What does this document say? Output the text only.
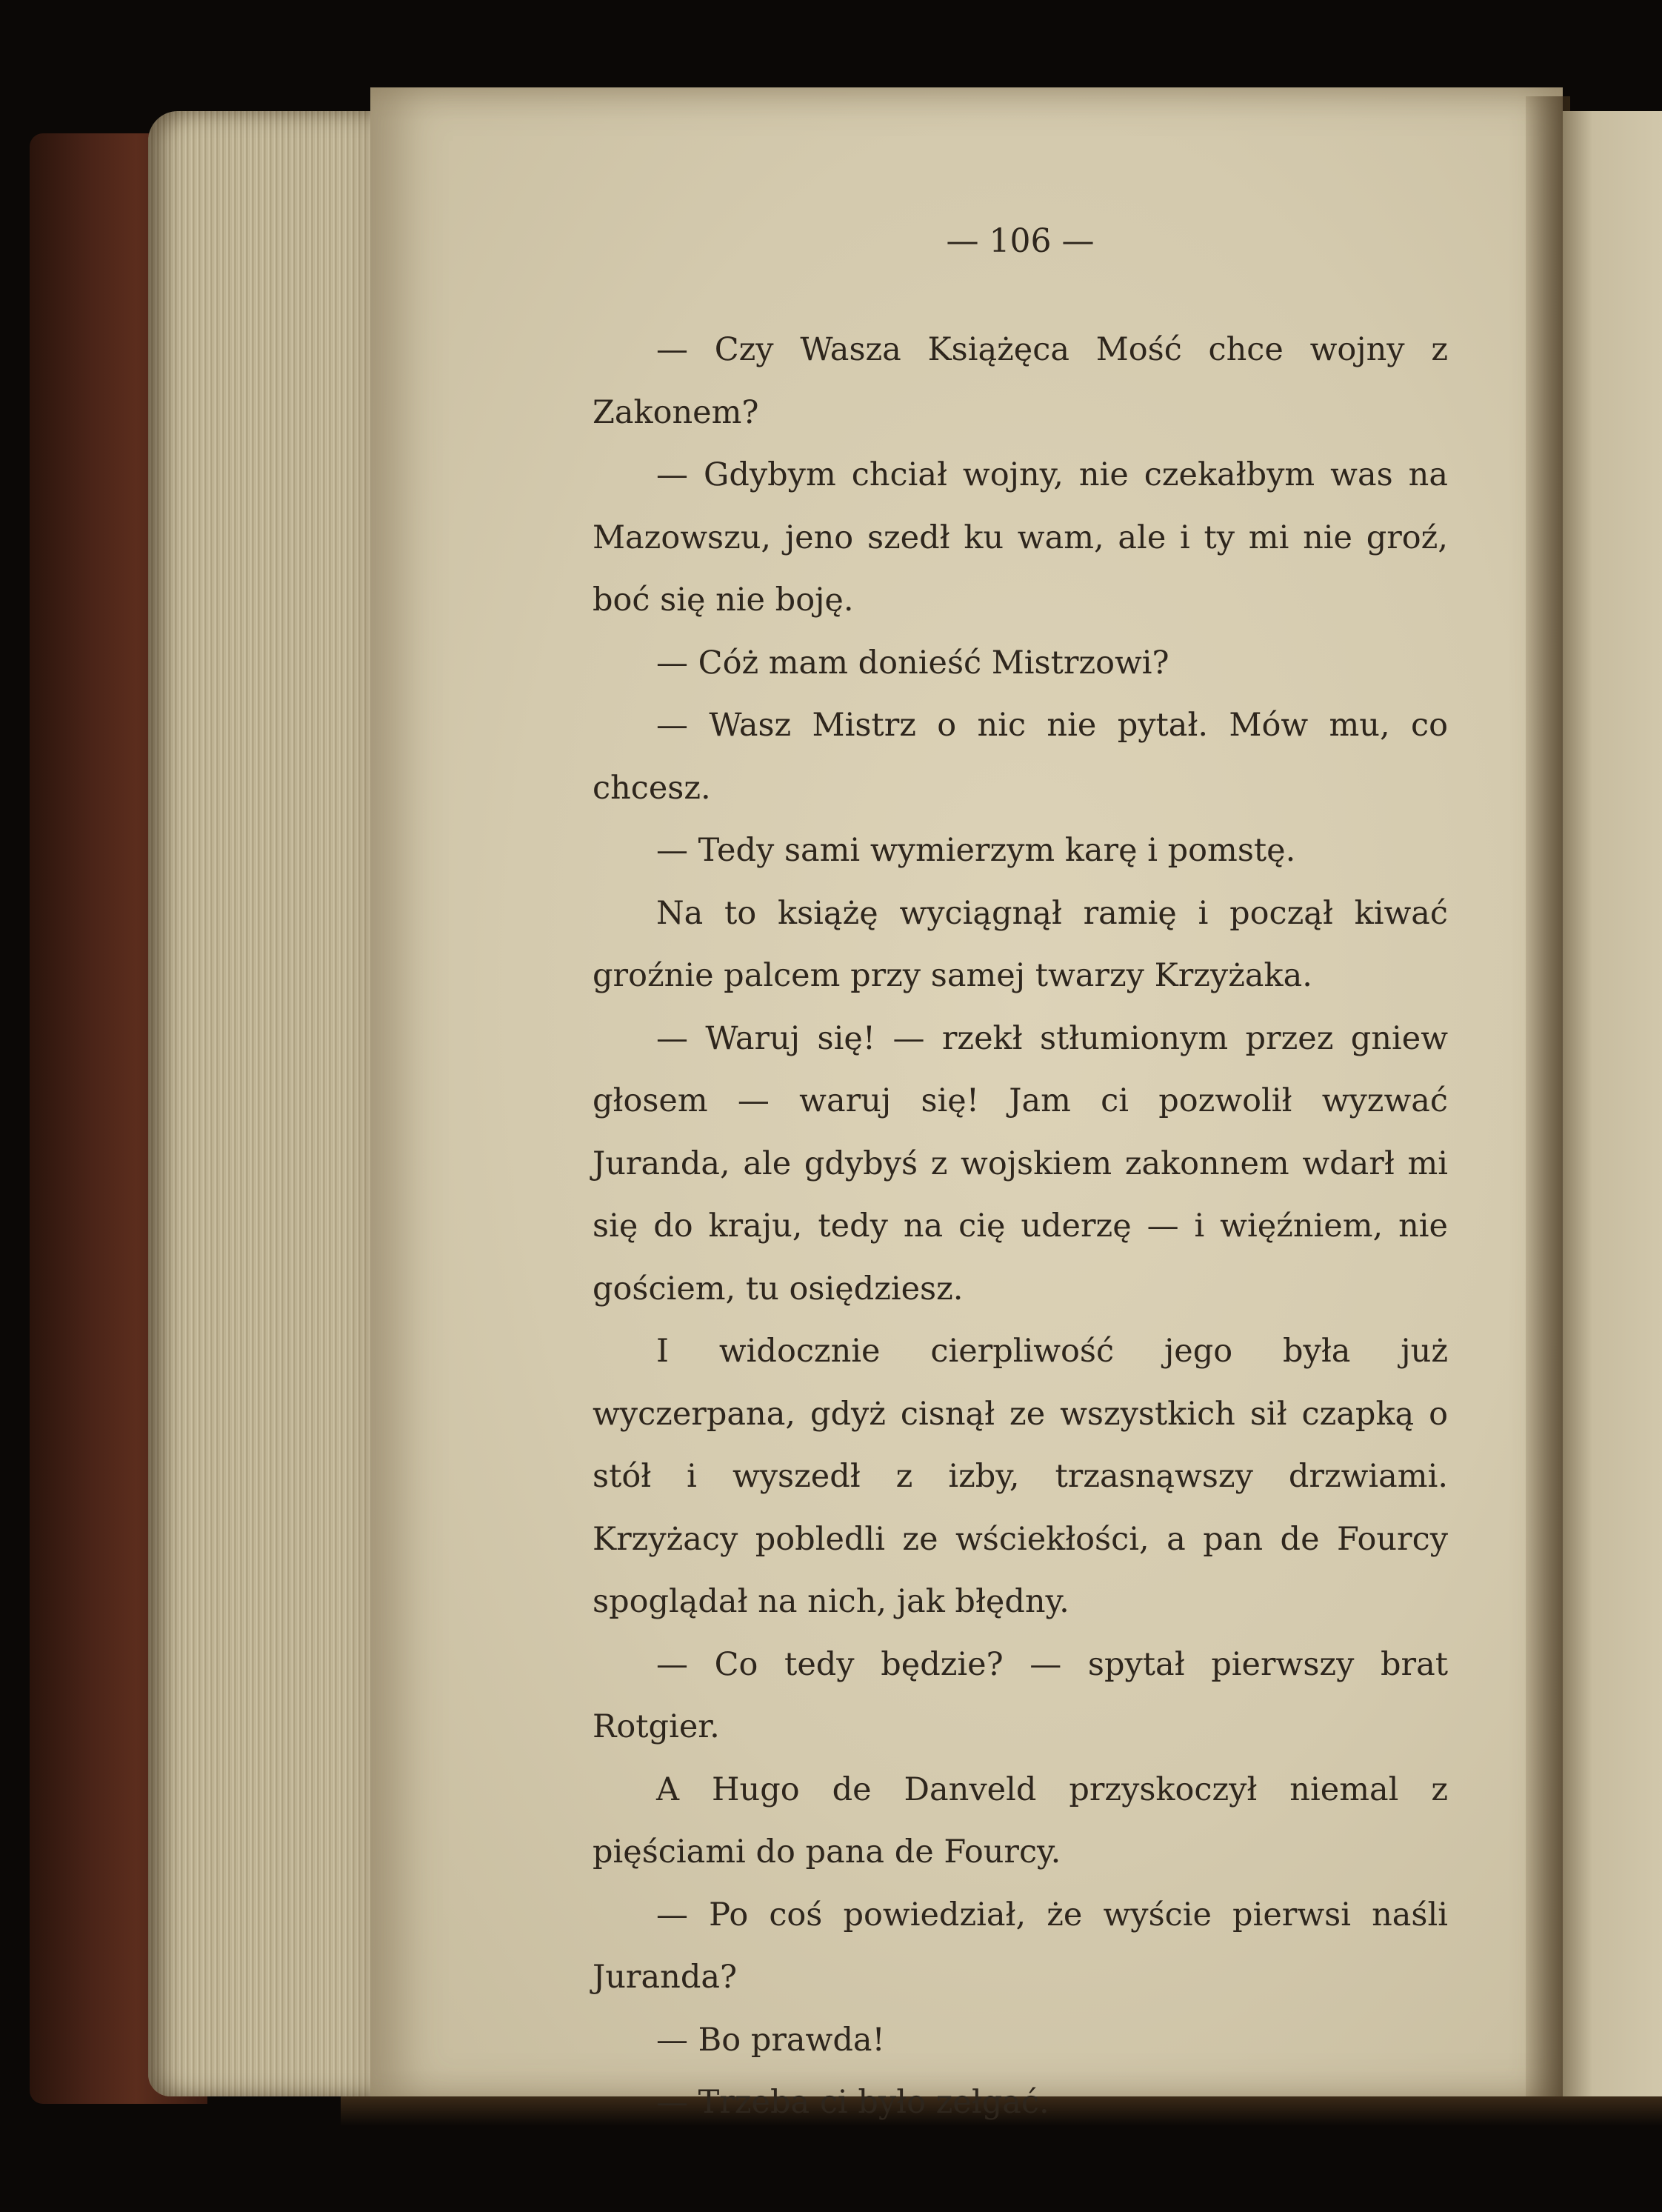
— 106 —

— Czy Wasza Książęca Mość chce wojny z Zakonem?

— Gdybym chciał wojny, nie czekałbym was na Mazowszu, jeno szedł ku wam, ale i ty mi nie groź, boć się nie boję.

— Cóż mam donieść Mistrzowi?

— Wasz Mistrz o nic nie pytał. Mów mu, co chcesz.

— Tedy sami wymierzym karę i pomstę.

Na to książę wyciągnął ramię i począł kiwać groźnie palcem przy samej twarzy Krzyżaka.

— Waruj się! — rzekł stłumionym przez gniew głosem — waruj się! Jam ci pozwolił wyzwać Juranda, ale gdybyś z wojskiem zakonnem wdarł mi się do kraju, tedy na cię uderzę — i więźniem, nie gościem, tu osiędziesz.

I widocznie cierpliwość jego była już wyczerpana, gdyż cisnął ze wszystkich sił czapką o stół i wyszedł z izby, trzasnąwszy drzwiami. Krzyżacy pobledli ze wściekłości, a pan de Fourcy spoglądał na nich, jak błędny.

— Co tedy będzie? — spytał pierwszy brat Rotgier.

A Hugo de Danveld przyskoczył niemal z pięściami do pana de Fourcy.

— Po coś powiedział, że wyście pierwsi naśli Juranda?

— Bo prawda!

— Trzeba ci było zełgać.
